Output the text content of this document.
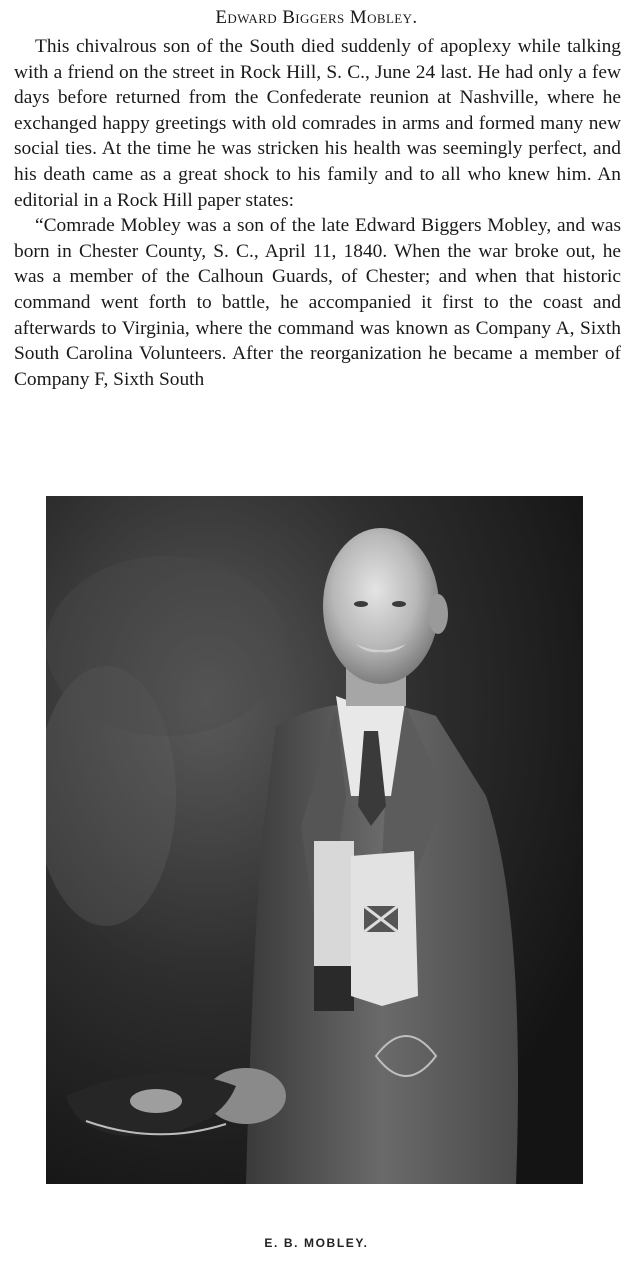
Edward Biggers Mobley.

This chivalrous son of the South died suddenly of apoplexy while talking with a friend on the street in Rock Hill, S. C., June 24 last. He had only a few days before returned from the Confederate reunion at Nashville, where he exchanged happy greetings with old comrades in arms and formed many new social ties. At the time he was stricken his health was seemingly perfect, and his death came as a great shock to his family and to all who knew him. An editorial in a Rock Hill paper states:

“Comrade Mobley was a son of the late Edward Biggers Mobley, and was born in Chester County, S. C., April 11, 1840. When the war broke out, he was a member of the Calhoun Guards, of Chester; and when that historic command went forth to battle, he accompanied it first to the coast and afterwards to Virginia, where the command was known as Company A, Sixth South Carolina Volunteers. After the reorganization he became a member of Company F, Sixth South

E. B. MOBLEY.
